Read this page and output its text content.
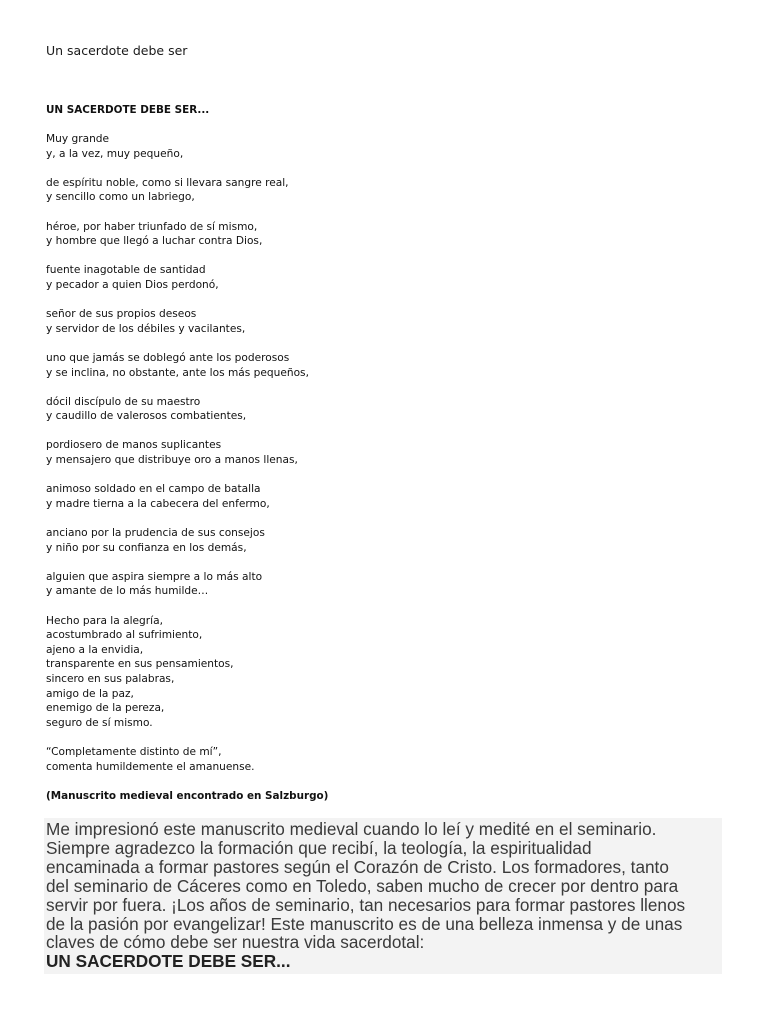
Un sacerdote debe ser
UN SACERDOTE DEBE SER...
Muy grande
y, a la vez, muy pequeño,
de espíritu noble, como si llevara sangre real,
y sencillo como un labriego,
héroe, por haber triunfado de sí mismo,
y hombre que llegó a luchar contra Dios,
fuente inagotable de santidad
y pecador a quien Dios perdonó,
señor de sus propios deseos
y servidor de los débiles y vacilantes,
uno que jamás se doblegó ante los poderosos
y se inclina, no obstante, ante los más pequeños,
dócil discípulo de su maestro
y caudillo de valerosos combatientes,
pordiosero de manos suplicantes
y mensajero que distribuye oro a manos llenas,
animoso soldado en el campo de batalla
y madre tierna a la cabecera del enfermo,
anciano por la prudencia de sus consejos
y niño por su confianza en los demás,
alguien que aspira siempre a lo más alto
y amante de lo más humilde…
Hecho para la alegría,
acostumbrado al sufrimiento,
ajeno a la envidia,
transparente en sus pensamientos,
sincero en sus palabras,
amigo de la paz,
enemigo de la pereza,
seguro de sí mismo.
“Completamente distinto de mí”,
comenta humildemente el amanuense.
(Manuscrito medieval encontrado en Salzburgo)
Me impresionó este manuscrito medieval cuando lo leí y medité en el seminario.
Siempre agradezco la formación que recibí, la teología, la espiritualidad
encaminada a formar pastores según el Corazón de Cristo. Los formadores, tanto
del seminario de Cáceres como en Toledo, saben mucho de crecer por dentro para
servir por fuera. ¡Los años de seminario, tan necesarios para formar pastores llenos
de la pasión por evangelizar! Este manuscrito es de una belleza inmensa y de unas
claves de cómo debe ser nuestra vida sacerdotal:
UN SACERDOTE DEBE SER...
